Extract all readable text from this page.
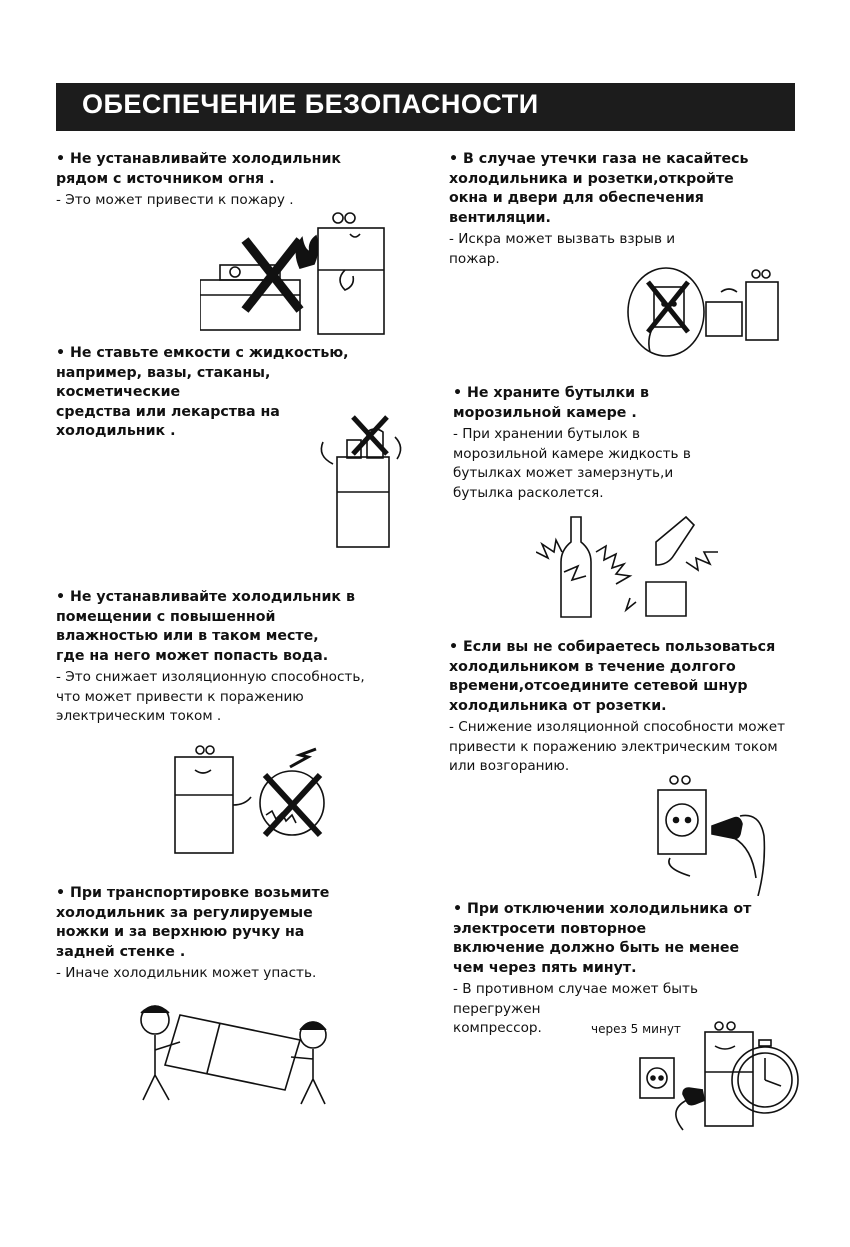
ОБЕСПЕЧЕНИЕ БЕЗОПАСНОСТИ

• Не устанавливайте холодильник
рядом с источником огня .

- Это может привести к пожару .

• Не ставьте емкости с жидкостью,
например, вазы, стаканы,
косметические
средства или лекарства на
холодильник .

• Не устанавливайте холодильник в
помещении с повышенной
влажностью или в таком месте,
где на него может попасть вода.

- Это снижает изоляционную способность,
что может привести к поражению
электрическим током .

• При транспортировке возьмите
холодильник за регулируемые
ножки и за верхнюю ручку на
задней стенке .

- Иначе холодильник может упасть.

• В случае утечки газа не касайтесь
холодильника и розетки,откройте
окна и двери для обеспечения
вентиляции.

- Искра может вызвать взрыв и
пожар.

• Не храните бутылки в
морозильной камере .

- При хранении бутылок в
морозильной камере жидкость в
бутылках может замерзнуть,и
бутылка расколется.

• Если вы не собираетесь пользоваться
холодильником в течение долгого
времени,отсоедините сетевой шнур
холодильника от розетки.

- Снижение изоляционной способности может
привести к поражению электрическим током
или возгоранию.

• При отключении холодильника от
электросети повторное
включение должно быть не менее
чем через пять минут.

- В противном случае может быть
перегружен
компрессор.	через 5 минут
